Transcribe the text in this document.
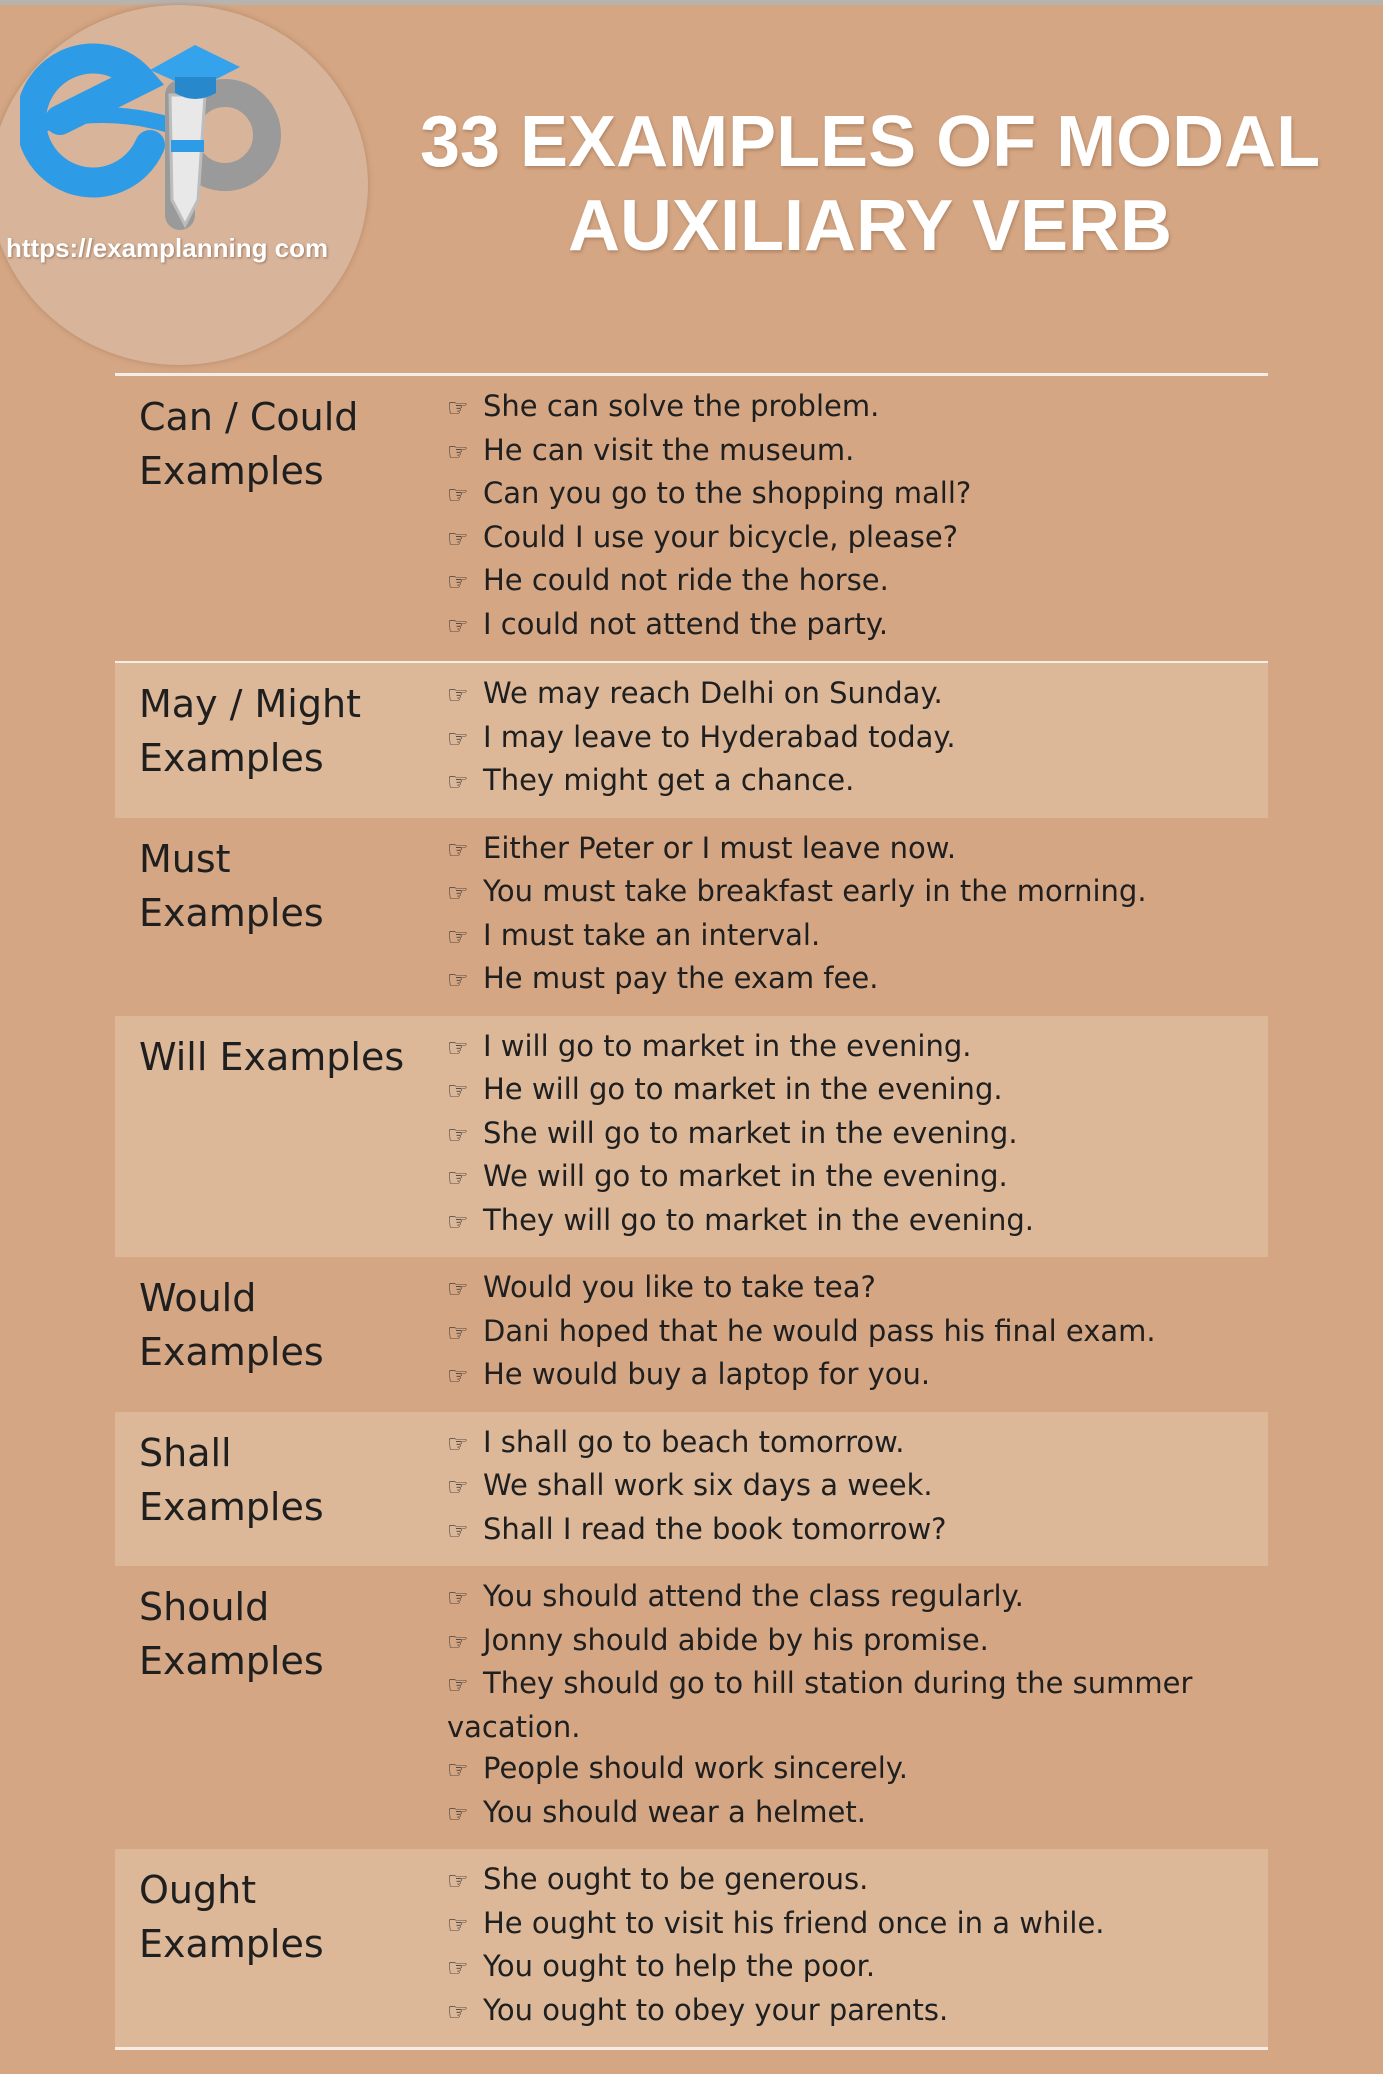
https://examplanning com
33 EXAMPLES OF MODAL
AUXILIARY VERB
Can / Could
Examples
☞ She can solve the problem.
☞ He can visit the museum.
☞ Can you go to the shopping mall?
☞ Could I use your bicycle, please?
☞ He could not ride the horse.
☞ I could not attend the party.
May / Might
Examples
☞ We may reach Delhi on Sunday.
☞ I may leave to Hyderabad today.
☞ They might get a chance.
Must
Examples
☞ Either Peter or I must leave now.
☞ You must take breakfast early in the morning.
☞ I must take an interval.
☞ He must pay the exam fee.
Will Examples	☞ I will go to market in the evening.
☞ He will go to market in the evening.
☞ She will go to market in the evening.
☞ We will go to market in the evening.
☞ They will go to market in the evening.
Would
Examples
☞ Would you like to take tea?
☞ Dani hoped that he would pass his final exam.
☞ He would buy a laptop for you.
Shall
Examples
☞ I shall go to beach tomorrow.
☞ We shall work six days a week.
☞ Shall I read the book tomorrow?
Should
Examples
☞ You should attend the class regularly.
☞ Jonny should abide by his promise.
☞ They should go to hill station during the summer
vacation.
☞ People should work sincerely.
☞ You should wear a helmet.
Ought
Examples
☞ She ought to be generous.
☞ He ought to visit his friend once in a while.
☞ You ought to help the poor.
☞ You ought to obey your parents.
